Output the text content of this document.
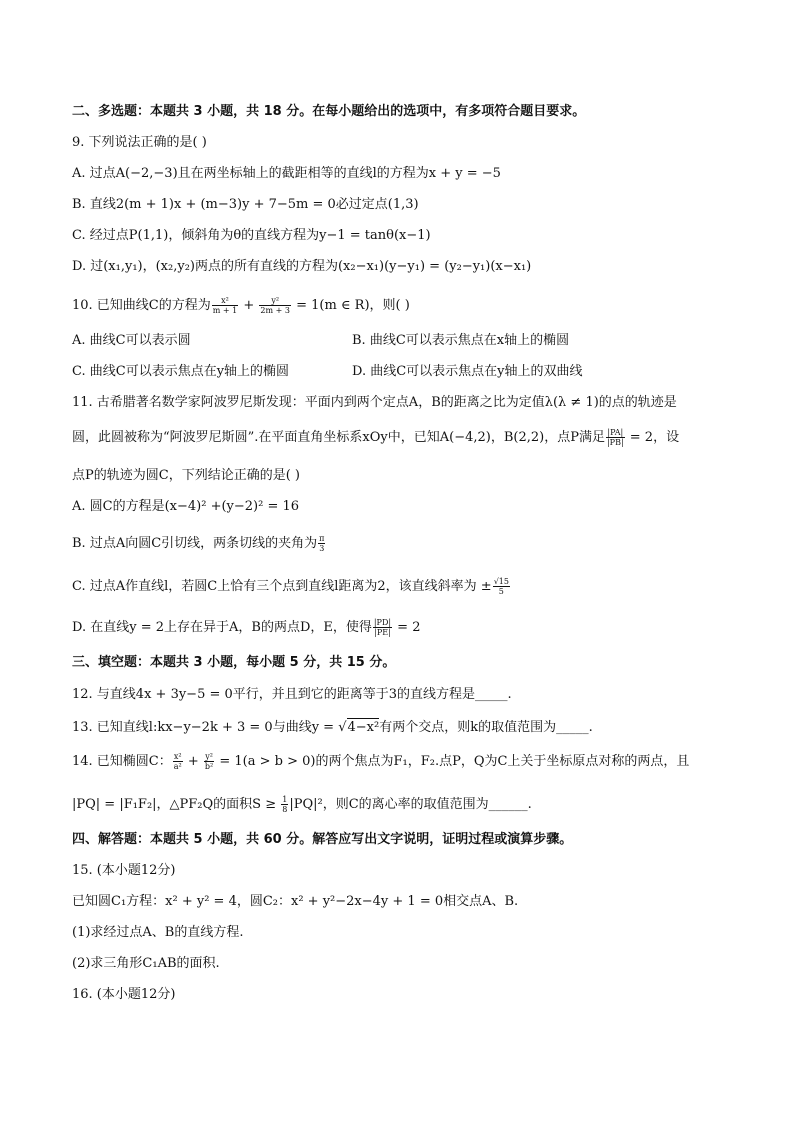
二、多选题：本题共 3 小题，共 18 分。在每小题给出的选项中，有多项符合题目要求。
9. 下列说法正确的是( )
A. 过点A(−2,−3)且在两坐标轴上的截距相等的直线l的方程为x + y = −5
B. 直线2(m + 1)x + (m−3)y + 7−5m = 0必过定点(1,3)
C. 经过点P(1,1)，倾斜角为θ的直线方程为y−1 = tanθ(x−1)
D. 过(x₁,y₁)，(x₂,y₂)两点的所有直线的方程为(x₂−x₁)(y−y₁) = (y₂−y₁)(x−x₁)
10. 已知曲线C的方程为 $\frac{\text{x²}}{m + 1} + \frac{\text{y²}}{2m + 3} = 1(m$ ∈ R)，则( )
A. 曲线C可以表示圆	B. 曲线C可以表示焦点在x轴上的椭圆
C. 曲线C可以表示焦点在y轴上的椭圆	D. 曲线C可以表示焦点在y轴上的双曲线
11. 古希腊著名数学家阿波罗尼斯发现：平面内到两个定点A，B的距离之比为定值λ(λ ≠ 1)的点的轨迹是
圆，此圆被称为“阿波罗尼斯圆”.在平面直角坐标系xOy中，已知A(−4,2)，B(2,2)，点P满足 $\frac{|PA|}{|PB|} = 2$，设
点P的轨迹为圆C，下列结论正确的是( )
A. 圆C的方程是(x−4)² +(y−2)² = 16
B. 过点A向圆C引切线，两条切线的夹角为 $\frac{\pi}{3}$
C. 过点A作直线l，若圆C上恰有三个点到直线l距离为2，该直线斜率为 ± $\frac{√15}{5}$
D. 在直线y = 2上存在异于A，B的两点D，E，使得 $\frac{|PD|}{|PE|} = 2$
三、填空题：本题共 3 小题，每小题 5 分，共 15 分。
12. 与直线4x + 3y−5 = 0平行，并且到它的距离等于3的直线方程是_____.
13. 已知直线l:kx−y−2k + 3 = 0与曲线y = √4−x²有两个交点，则k的取值范围为_____.
14. 已知椭圆C： $\frac{\text{x²}}{\text{a²}} + \frac{\text{y²}}{\text{b²}} = 1(a > b > 0)$的两个焦点为F₁，F₂.点P，Q为C上关于坐标原点对称的两点，且
|PQ| = |F₁F₂|，△PF₂Q的面积$S \ge \frac{1}{8} |PQ|^2$，则C的离心率的取值范围为______.
四、解答题：本题共 5 小题，共 60 分。解答应写出文字说明，证明过程或演算步骤。
15. (本小题12分)
已知圆C₁方程：x² + y² = 4，圆C₂：x² + y²−2x−4y + 1 = 0相交点A、B.
(1)求经过点A、B的直线方程.
(2)求三角形C₁AB的面积.
16. (本小题12分)
